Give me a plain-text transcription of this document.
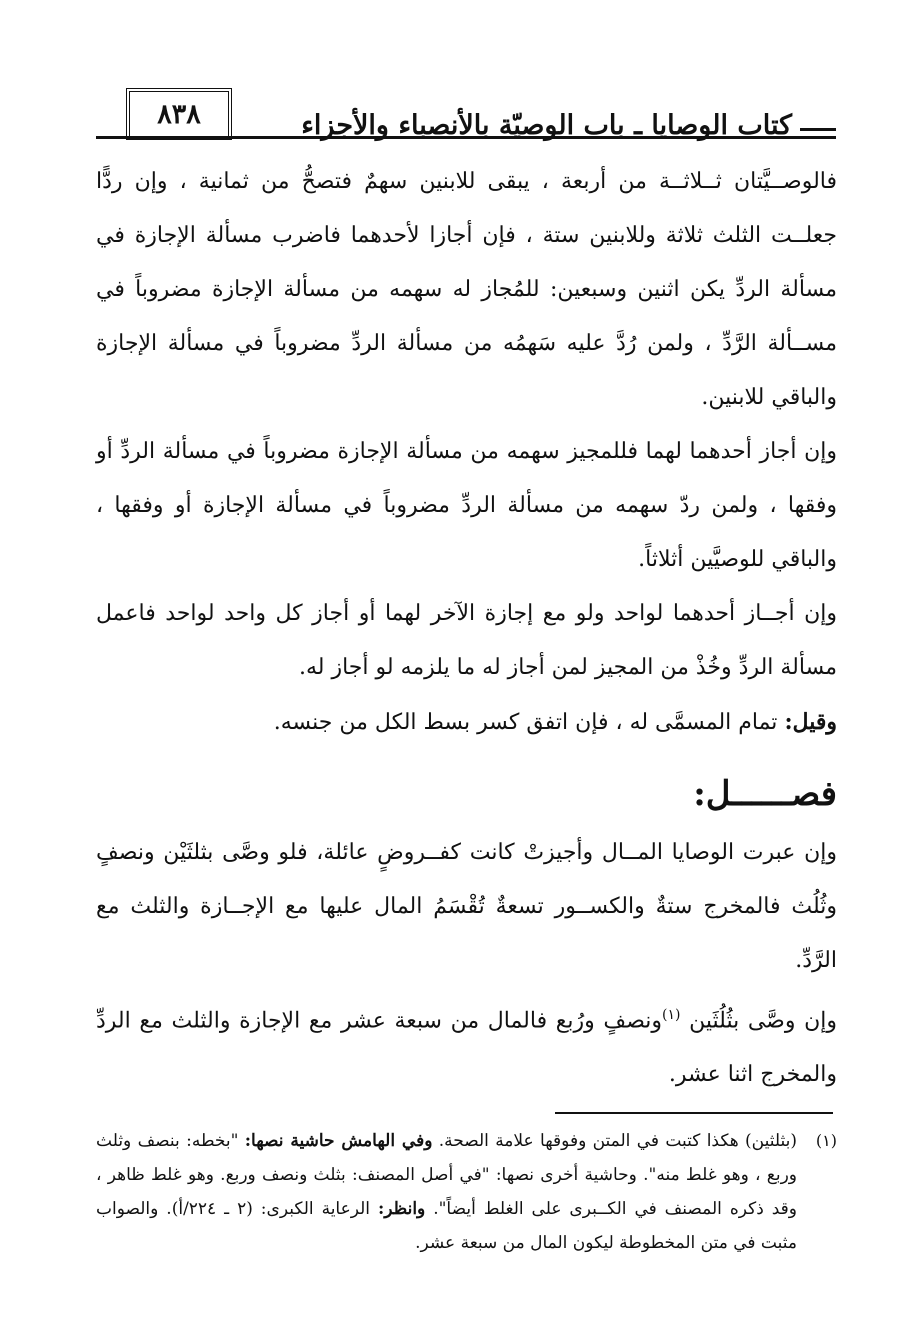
كتاب الوصايا ـ باب الوصيّة بالأنصباء والأجزاء
٨٣٨

فالوصــيَّتان ثــلاثــة من أربعة ، يبقى للابنين سهمٌ فتصحُّ من ثمانية ، وإن ردًّا جعلــت الثلث ثلاثة وللابنين ستة ، فإن أجازا لأحدهما فاضرب مسألة الإجازة في مسألة الردِّ يكن اثنين وسبعين: للمُجاز له سهمه من مسألة الإجازة مضروباً في مســألة الرَّدِّ ، ولمن رُدَّ عليه سَهمُه من مسألة الردِّ مضروباً في مسألة الإجازة والباقي للابنين.

وإن أجاز أحدهما لهما فللمجيز سهمه من مسألة الإجازة مضروباً في مسألة الردِّ أو وفقها ، ولمن ردّ سهمه من مسألة الردِّ مضروباً في مسألة الإجازة أو وفقها ، والباقي للوصيَّين أثلاثاً.

وإن أجــاز أحدهما لواحد ولو مع إجازة الآخر لهما أو أجاز كل واحد لواحد فاعمل مسألة الردِّ وخُذْ من المجيز لمن أجاز له ما يلزمه لو أجاز له.

وقيل: تمام المسمَّى له ، فإن اتفق كسر بسط الكل من جنسه.

فصــــــل:

وإن عبرت الوصايا المــال وأجيزتْ كانت كفــروضٍ عائلة، فلو وصَّى بثلثَيْن ونصفٍ وثُلُث فالمخرج ستةٌ والكســور تسعةٌ تُقْسَمُ المال عليها مع الإجــازة والثلث مع الرَّدِّ.

وإن وصَّى بثُلُثَين $^{(١)}$ونصفٍ ورُبع فالمال من سبعة عشر مع الإجازة والثلث مع الردِّ والمخرج اثنا عشر.

(١)
(بثلثين) هكذا كتبت في المتن وفوقها علامة الصحة. وفي الهامش حاشية نصها: "بخطه: بنصف وثلث وربع ، وهو غلط منه". وحاشية أخرى نصها: "في أصل المصنف: بثلث ونصف وربع. وهو غلط ظاهر ، وقد ذكره المصنف في الكــبرى على الغلط أيضاً". وانظر: الرعاية الكبرى: (٢ ـ ٢٢٤/أ). والصواب مثبت في متن المخطوطة ليكون المال من سبعة عشر.
